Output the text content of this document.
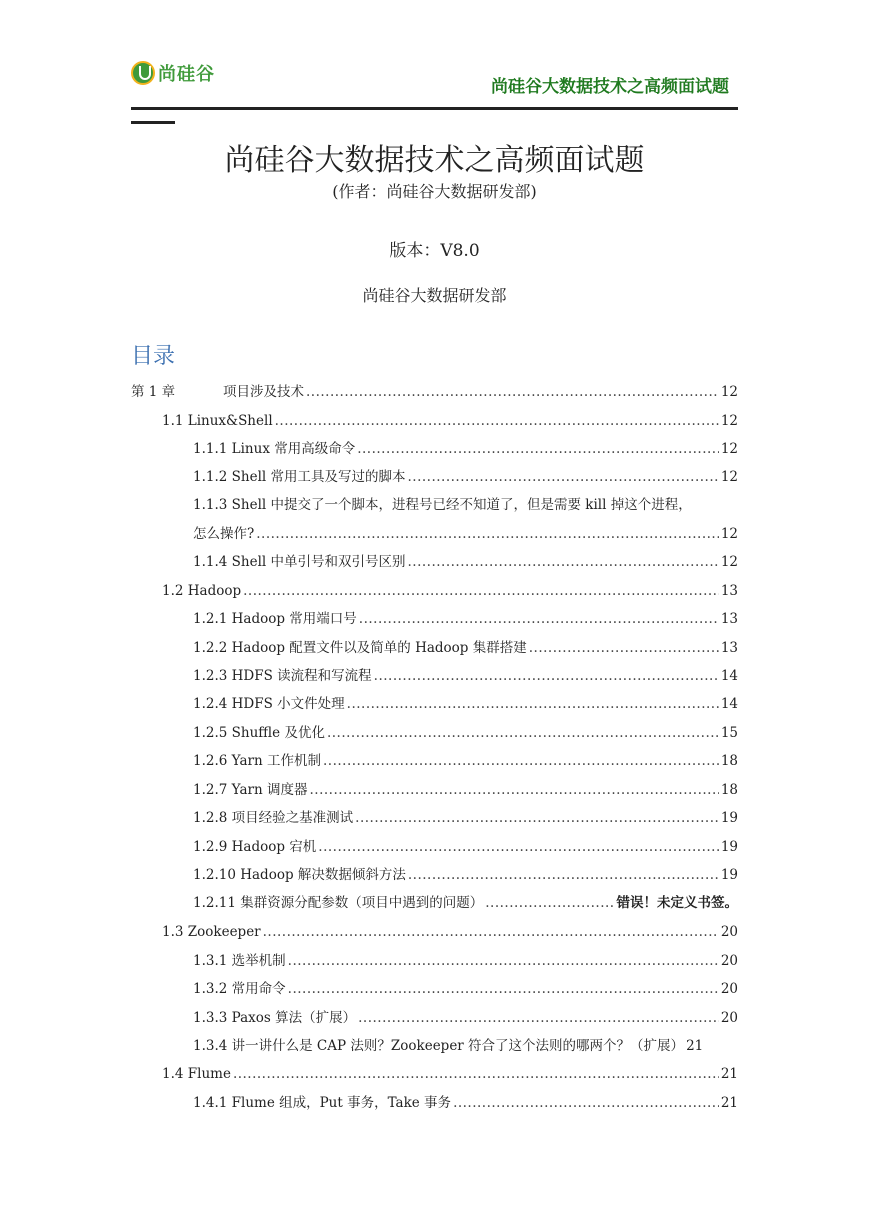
尚硅谷
尚硅谷大数据技术之高频面试题
尚硅谷大数据技术之高频面试题
(作者：尚硅谷大数据研发部)
版本：V8.0
尚硅谷大数据研发部
目录
第 1 章	项目涉及技术 .....	12
1.1 Linux&Shell .....	12
1.1.1 Linux 常用高级命令 .....	12
1.1.2 Shell 常用工具及写过的脚本 .....	12
1.1.3 Shell 中提交了一个脚本，进程号已经不知道了，但是需要 kill 掉这个进程，
怎么操作? .....	12
1.1.4 Shell 中单引号和双引号区别 .....	12
1.2 Hadoop .....	13
1.2.1 Hadoop 常用端口号 .....	13
1.2.2 Hadoop 配置文件以及简单的 Hadoop 集群搭建 .....	13
1.2.3 HDFS 读流程和写流程 .....	14
1.2.4 HDFS 小文件处理 .....	14
1.2.5 Shuffle 及优化 .....	15
1.2.6 Yarn 工作机制 .....	18
1.2.7 Yarn 调度器 .....	18
1.2.8 项目经验之基准测试 .....	19
1.2.9 Hadoop 宕机 .....	19
1.2.10 Hadoop 解决数据倾斜方法 .....	19
1.2.11 集群资源分配参数（项目中遇到的问题） .....	错误！未定义书签。
1.3 Zookeeper .....	20
1.3.1 选举机制 .....	20
1.3.2 常用命令 .....	20
1.3.3 Paxos 算法（扩展） .....	20
1.3.4 讲一讲什么是 CAP 法则？Zookeeper 符合了这个法则的哪两个？（扩展） 21
1.4 Flume .....	21
1.4.1 Flume 组成，Put 事务，Take 事务 .....	21
